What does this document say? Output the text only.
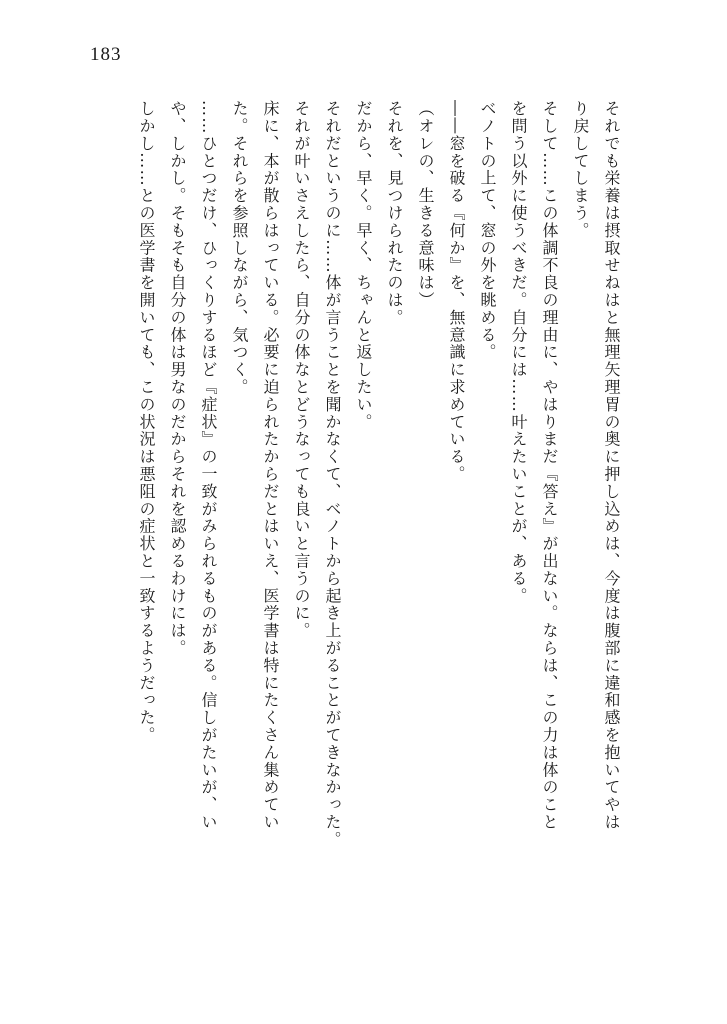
183
それでも栄養は摂取せねはと無理矢理胃の奥に押し込めは、今度は腹部に違和感を抱いてやは
り戻してしまう。
そして……この体調不良の理由に、やはりまだ『答え』が出ない。ならは、この力は体のこと
を問う以外に使うべきだ。自分には……叶えたいことが、ある。
ベノトの上て、窓の外を眺める。
――窓を破る『何か』を、無意識に求めている。
（オレの、生きる意味は）
それを、見つけられたのは。
だから、早く。早く、ちゃんと返したい。
それだというのに……体が言うことを聞かなくて、ベノトから起き上がることがてきなかった。
それが叶いさえしたら、自分の体なとどうなっても良いと言うのに。
床に、本が散らはっている。必要に迫られたからだとはいえ、医学書は特にたくさん集めてい
た。それらを参照しながら、気つく。
……ひとつだけ、ひっくりするほど『症状』の一致がみられるものがある。信しがたいが、い
や、しかし。そもそも自分の体は男なのだからそれを認めるわけには。
しかし……との医学書を開いても、この状況は悪阻の症状と一致するようだった。
